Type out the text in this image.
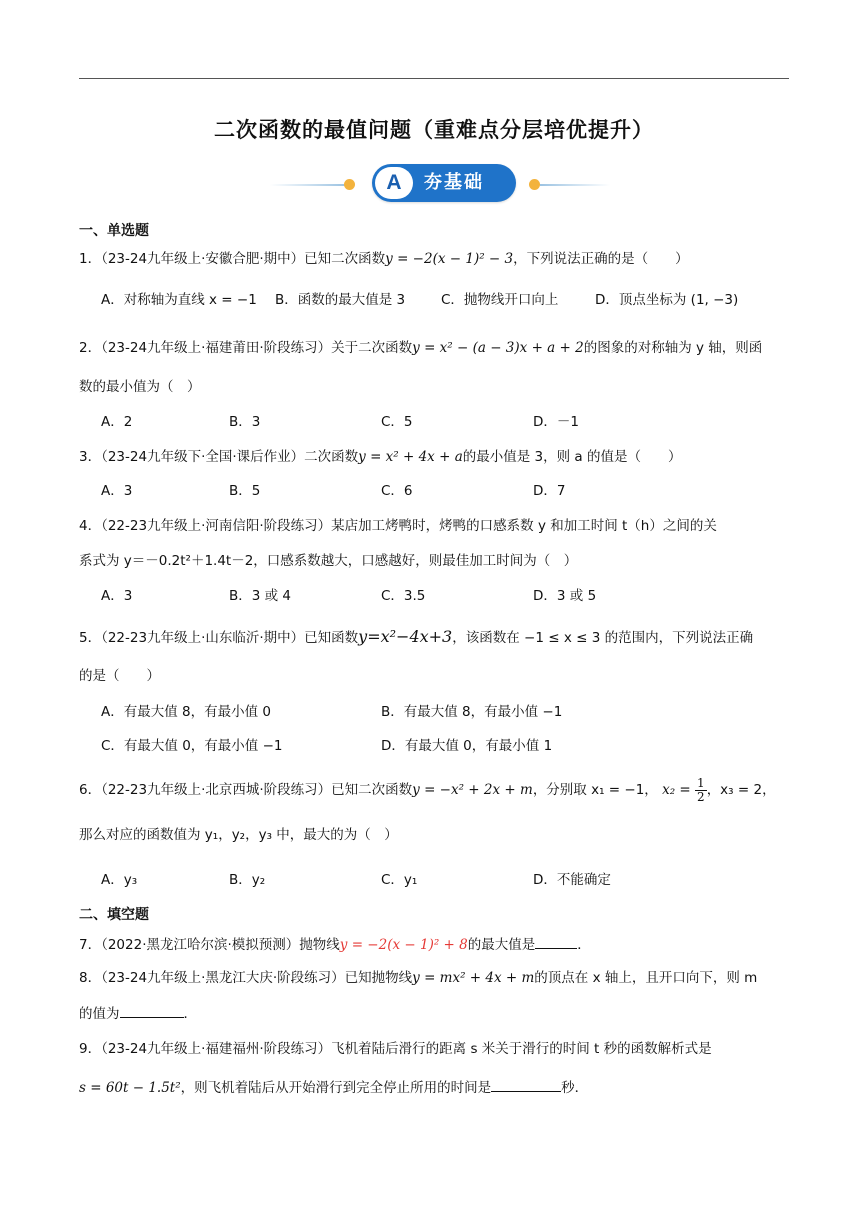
二次函数的最值问题（重难点分层培优提升）
A	夯基础
一、单选题
1．（23-24九年级上·安徽合肥·期中）已知二次函数y = −2(x − 1)² − 3，下列说法正确的是（　　）
A．对称轴为直线 x = −1 B．函数的最大值是 3	C．抛物线开口向上	D．顶点坐标为 (1, −3)
2．（23-24九年级上·福建莆田·阶段练习）关于二次函数y = x² − (a − 3)x + a + 2的图象的对称轴为 y 轴，则函
数的最小值为（　）
A．2	B．3	C．5	D．－1
3．（23-24九年级下·全国·课后作业）二次函数y = x² + 4x + a的最小值是 3，则 a 的值是（　　）
A．3	B．5	C．6	D．7
4．（22-23九年级上·河南信阳·阶段练习）某店加工烤鸭时，烤鸭的口感系数 y 和加工时间 t（h）之间的关
系式为 y＝－0.2t²＋1.4t－2，口感系数越大，口感越好，则最佳加工时间为（　）
A．3	B．3 或 4	C．3.5	D．3 或 5
5．（22-23九年级上·山东临沂·期中）已知函数y=x²−4x+3，该函数在 −1 ≤ x ≤ 3 的范围内，下列说法正确
的是（　　）
A．有最大值 8，有最小值 0	B．有最大值 8，有最小值 −1
C．有最大值 0，有最小值 −1	D．有最大值 0，有最小值 1
6．（22-23九年级上·北京西城·阶段练习）已知二次函数y = −x² + 2x + m，分别取 x₁ = −1， $x_2 = \frac{1}{2}$ ，x₃ = 2，
那么对应的函数值为 y₁，y₂，y₃ 中，最大的为（　）
A．y₃	B．y₂	C．y₁	D．不能确定
二、填空题
7．（2022·黑龙江哈尔滨·模拟预测）抛物线y = −2(x − 1)² + 8的最大值是	．
8．（23-24九年级上·黑龙江大庆·阶段练习）已知抛物线y = mx² + 4x + m的顶点在 x 轴上，且开口向下，则 m
的值为	．
9．（23-24九年级上·福建福州·阶段练习）飞机着陆后滑行的距离 s 米关于滑行的时间 t 秒的函数解析式是
s = 60t − 1.5t²，则飞机着陆后从开始滑行到完全停止所用的时间是	秒．
